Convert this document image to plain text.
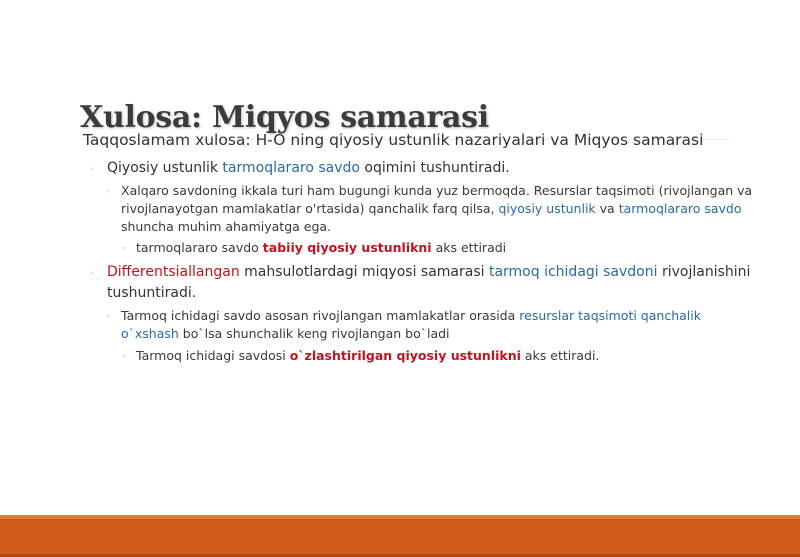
Xulosa: Miqyos samarasi

Taqqoslamam xulosa: H-O ning qiyosiy ustunlik nazariyalari va Miqyos samarasi

◦ Qiyosiy ustunlik tarmoqlararo savdo oqimini tushuntiradi.
◦ Xalqaro savdoning ikkala turi ham bugungi kunda yuz bermoqda. Resurslar taqsimoti (rivojlangan va rivojlanayotgan mamlakatlar o'rtasida) qanchalik farq qilsa, qiyosiy ustunlik va tarmoqlararo savdo shuncha muhim ahamiyatga ega.
◦ tarmoqlararo savdo tabiiy qiyosiy ustunlikni aks ettiradi
◦ Differentsiallangan mahsulotlardagi miqyosi samarasi tarmoq ichidagi savdoni rivojlanishini tushuntiradi.
◦ Tarmoq ichidagi savdo asosan rivojlangan mamlakatlar orasida resurslar taqsimoti qanchalik o`xshash bo`lsa shunchalik keng rivojlangan bo`ladi
◦ Tarmoq ichidagi savdosi o`zlashtirilgan qiyosiy ustunlikni aks ettiradi.
